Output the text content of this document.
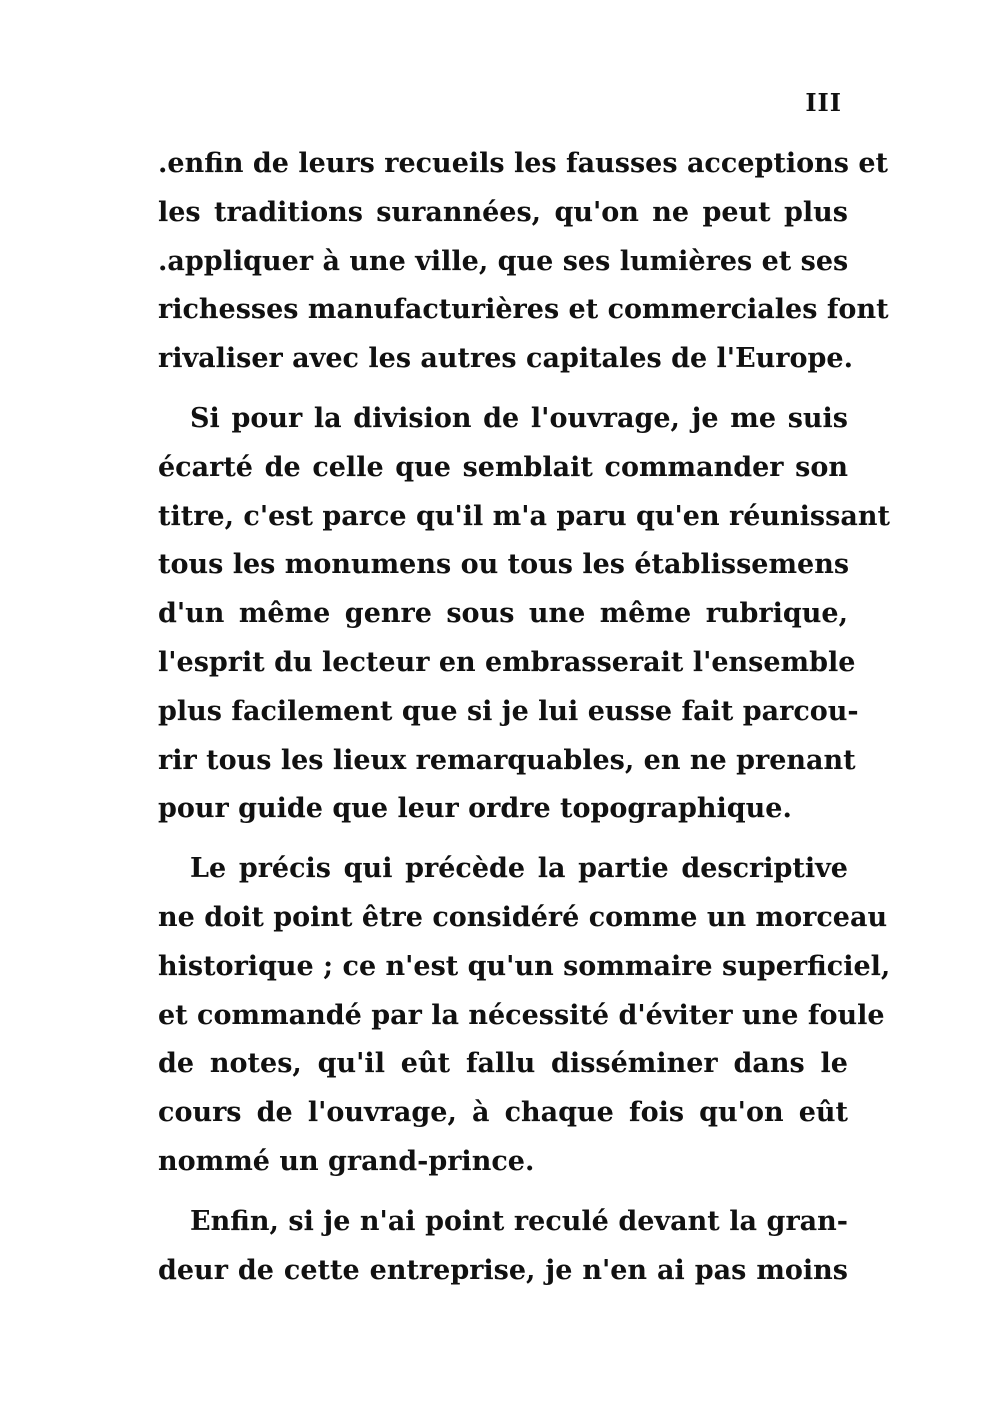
III

.enfin de leurs recueils les fausses acceptions et
les traditions surannées, qu'on ne peut plus
.appliquer à une ville, que ses lumières et ses
richesses manufacturières et commerciales font
rivaliser avec les autres capitales de l'Europe.

Si pour la division de l'ouvrage, je me suis
écarté de celle que semblait commander son
titre, c'est parce qu'il m'a paru qu'en réunissant
tous les monumens ou tous les établissemens
d'un même genre sous une même rubrique,
l'esprit du lecteur en embrasserait l'ensemble
plus facilement que si je lui eusse fait parcou-
rir tous les lieux remarquables, en ne prenant
pour guide que leur ordre topographique.

Le précis qui précède la partie descriptive
ne doit point être considéré comme un morceau
historique ; ce n'est qu'un sommaire superficiel,
et commandé par la nécessité d'éviter une foule
de notes, qu'il eût fallu disséminer dans le
cours de l'ouvrage, à chaque fois qu'on eût
nommé un grand-prince.

Enfin, si je n'ai point reculé devant la gran-
deur de cette entreprise, je n'en ai pas moins
